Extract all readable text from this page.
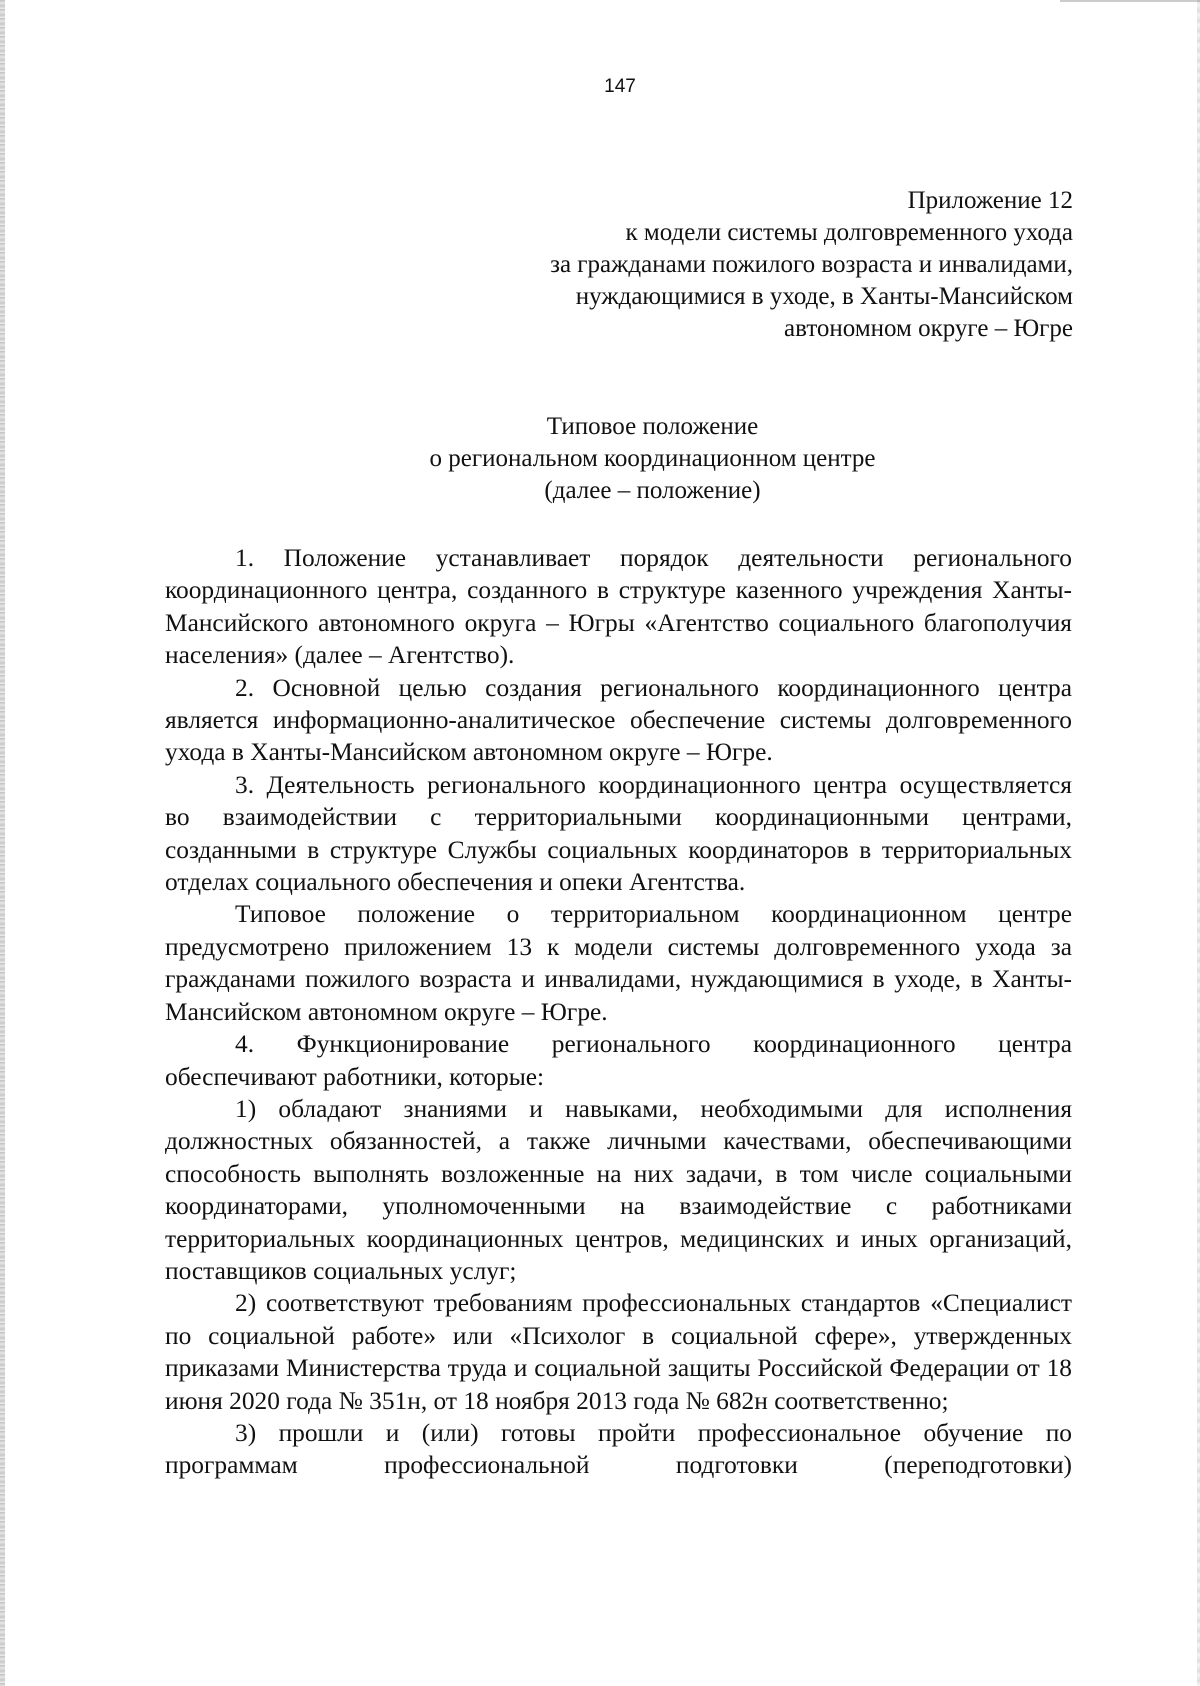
147
Приложение 12
к модели системы долговременного ухода
за гражданами пожилого возраста и инвалидами,
нуждающимися в уходе, в Ханты-Мансийском
автономном округе – Югре
Типовое положение
о региональном координационном центре
(далее – положение)

1. Положение устанавливает порядок деятельности регионального координационного центра, созданного в структуре казенного учреждения Ханты-Мансийского автономного округа – Югры «Агентство социального благополучия населения» (далее – Агентство).

2. Основной целью создания регионального координационного центра является информационно-аналитическое обеспечение системы долговременного ухода в Ханты-Мансийском автономном округе – Югре.

3. Деятельность регионального координационного центра осуществляется во взаимодействии с территориальными координационными центрами, созданными в структуре Службы социальных координаторов в территориальных отделах социального обеспечения и опеки Агентства.

Типовое положение о территориальном координационном центре предусмотрено приложением 13 к модели системы долговременного ухода за гражданами пожилого возраста и инвалидами, нуждающимися в уходе, в Ханты-Мансийском автономном округе – Югре.

4. Функционирование регионального координационного центра обеспечивают работники, которые:

1) обладают знаниями и навыками, необходимыми для исполнения должностных обязанностей, а также личными качествами, обеспечивающими способность выполнять возложенные на них задачи, в том числе социальными координаторами, уполномоченными на взаимодействие с работниками территориальных координационных центров, медицинских и иных организаций, поставщиков социальных услуг;

2) соответствуют требованиям профессиональных стандартов «Специалист по социальной работе» или «Психолог в социальной сфере», утвержденных приказами Министерства труда и социальной защиты Российской Федерации от 18 июня 2020 года № 351н, от 18 ноября 2013 года № 682н соответственно;

3) прошли и (или) готовы пройти профессиональное обучение по программам профессиональной подготовки (переподготовки)
